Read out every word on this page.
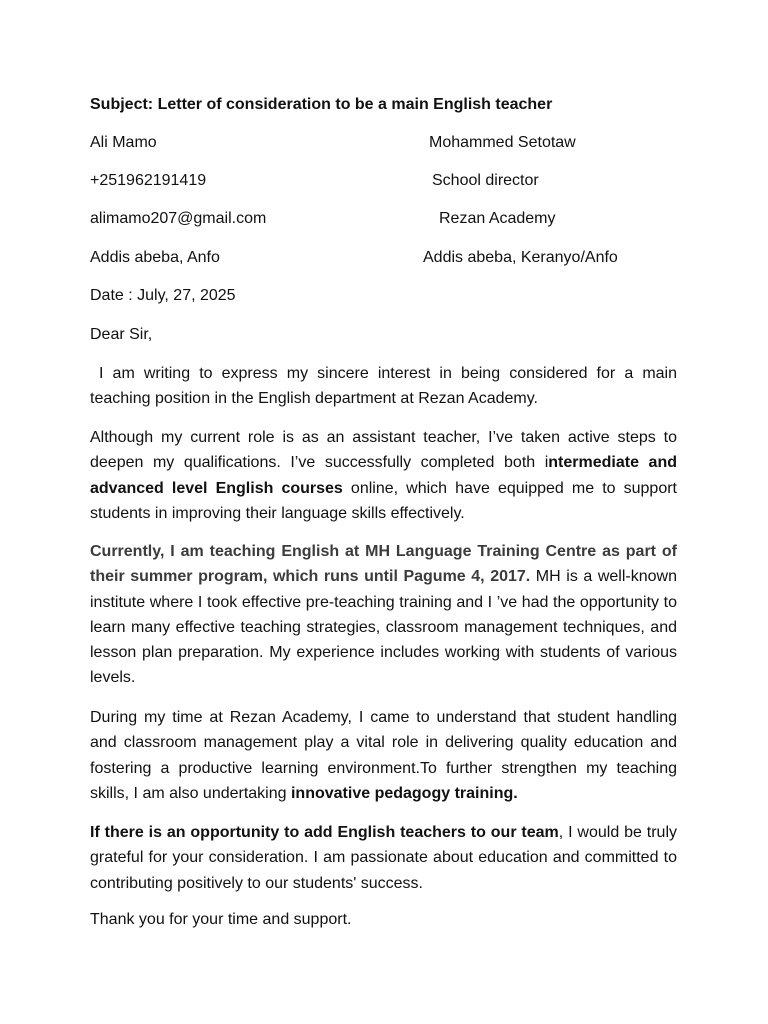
Subject: Letter of consideration to be a main English teacher
Ali Mamo	Mohammed Setotaw
+251962191419	School director
alimamo207@gmail.com	Rezan Academy
Addis abeba, Anfo	Addis abeba, Keranyo/Anfo
Date : July, 27, 2025
Dear Sir,
I am writing to express my sincere interest in being considered for a main teaching position in the English department at Rezan Academy.
Although my current role is as an assistant teacher, I’ve taken active steps to deepen my qualifications. I’ve successfully completed both intermediate and advanced level English courses online, which have equipped me to support students in improving their language skills effectively.
Currently, I am teaching English at MH Language Training Centre as part of their summer program, which runs until Pagume 4, 2017. MH is a well-known institute where I took effective pre-teaching training and I ’ve had the opportunity to learn many effective teaching strategies, classroom management techniques, and lesson plan preparation. My experience includes working with students of various levels.
During my time at Rezan Academy, I came to understand that student handling and classroom management play a vital role in delivering quality education and fostering a productive learning environment.To further strengthen my teaching skills, I am also undertaking innovative pedagogy training.
If there is an opportunity to add English teachers to our team, I would be truly grateful for your consideration. I am passionate about education and committed to contributing positively to our students' success.
Thank you for your time and support.
